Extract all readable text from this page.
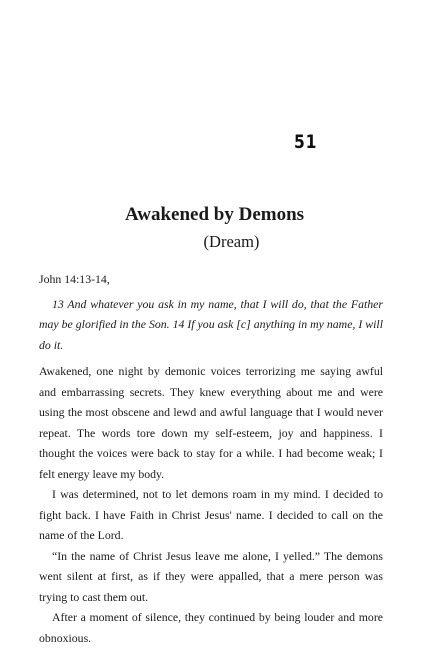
51
Awakened by Demons
(Dream)

John 14:13-14,

13 And whatever you ask in my name, that I will do, that the Father may be glorified in the Son. 14 If you ask [c] anything in my name, I will do it.

Awakened, one night by demonic voices terrorizing me saying awful and embarrassing secrets. They knew everything about me and were using the most obscene and lewd and awful language that I would never repeat. The words tore down my self-esteem, joy and happiness. I thought the voices were back to stay for a while. I had become weak; I felt energy leave my body.

I was determined, not to let demons roam in my mind. I decided to fight back. I have Faith in Christ Jesus' name. I decided to call on the name of the Lord.

“In the name of Christ Jesus leave me alone, I yelled.” The demons went silent at first, as if they were appalled, that a mere person was trying to cast them out.

After a moment of silence, they continued by being louder and more obnoxious.
